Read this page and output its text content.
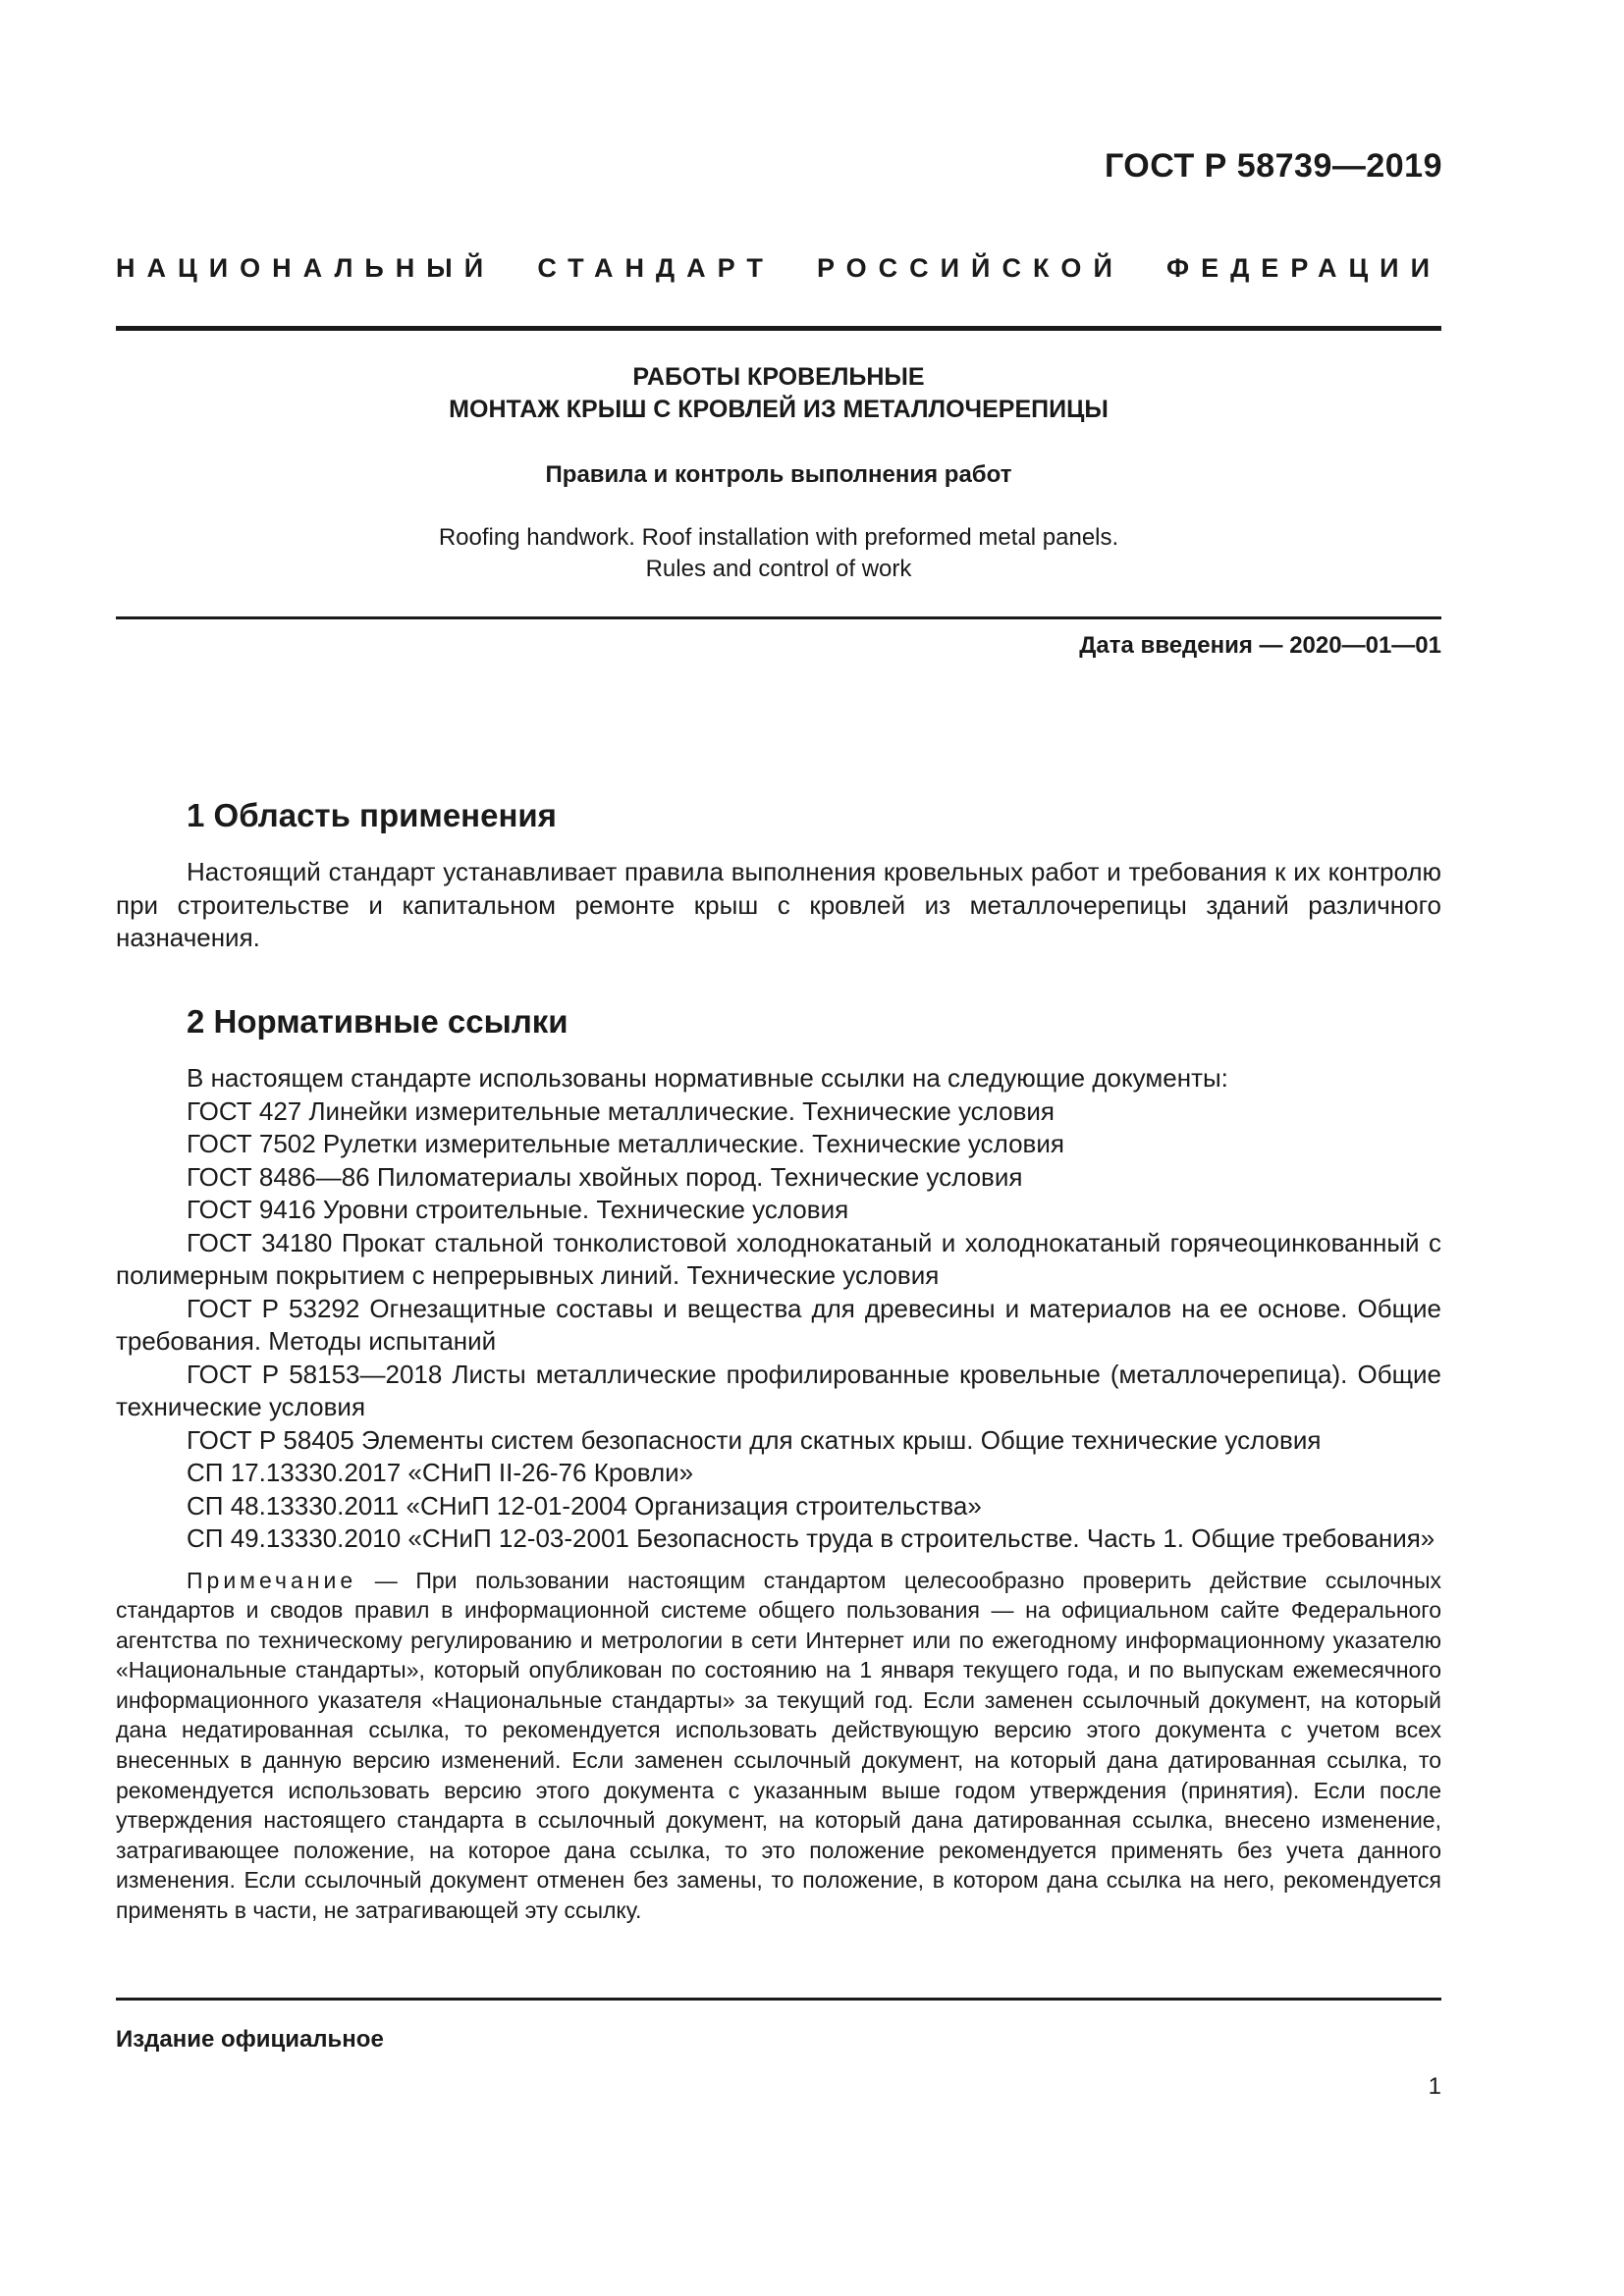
ГОСТ Р 58739—2019
НАЦИОНАЛЬНЫЙ СТАНДАРТ РОССИЙСКОЙ ФЕДЕРАЦИИ
РАБОТЫ КРОВЕЛЬНЫЕ
МОНТАЖ КРЫШ С КРОВЛЕЙ ИЗ МЕТАЛЛОЧЕРЕПИЦЫ
Правила и контроль выполнения работ
Roofing handwork. Roof installation with preformed metal panels.
Rules and control of work
Дата введения — 2020—01—01
1 Область применения

Настоящий стандарт устанавливает правила выполнения кровельных работ и требования к их контролю при строительстве и капитальном ремонте крыш с кровлей из металлочерепицы зданий различного назначения.

2 Нормативные ссылки

В настоящем стандарте использованы нормативные ссылки на следующие документы:

ГОСТ 427 Линейки измерительные металлические. Технические условия
ГОСТ 7502 Рулетки измерительные металлические. Технические условия
ГОСТ 8486—86 Пиломатериалы хвойных пород. Технические условия
ГОСТ 9416 Уровни строительные. Технические условия
ГОСТ 34180 Прокат стальной тонколистовой холоднокатаный и холоднокатаный горячеоцинкованный с полимерным покрытием с непрерывных линий. Технические условия
ГОСТ Р 53292 Огнезащитные составы и вещества для древесины и материалов на ее основе. Общие требования. Методы испытаний
ГОСТ Р 58153—2018 Листы металлические профилированные кровельные (металлочерепица). Общие технические условия
ГОСТ Р 58405 Элементы систем безопасности для скатных крыш. Общие технические условия
СП 17.13330.2017 «СНиП II-26-76 Кровли»
СП 48.13330.2011 «СНиП 12-01-2004 Организация строительства»
СП 49.13330.2010 «СНиП 12-03-2001 Безопасность труда в строительстве. Часть 1. Общие требования»

Примечание — При пользовании настоящим стандартом целесообразно проверить действие ссылочных стандартов и сводов правил в информационной системе общего пользования — на официальном сайте Федерального агентства по техническому регулированию и метрологии в сети Интернет или по ежегодному информационному указателю «Национальные стандарты», который опубликован по состоянию на 1 января текущего года, и по выпускам ежемесячного информационного указателя «Национальные стандарты» за текущий год. Если заменен ссылочный документ, на который дана недатированная ссылка, то рекомендуется использовать действующую версию этого документа с учетом всех внесенных в данную версию изменений. Если заменен ссылочный документ, на который дана датированная ссылка, то рекомендуется использовать версию этого документа с указанным выше годом утверждения (принятия). Если после утверждения настоящего стандарта в ссылочный документ, на который дана датированная ссылка, внесено изменение, затрагивающее положение, на которое дана ссылка, то это положение рекомендуется применять без учета данного изменения. Если ссылочный документ отменен без замены, то положение, в котором дана ссылка на него, рекомендуется применять в части, не затрагивающей эту ссылку.

Издание официальное
1
